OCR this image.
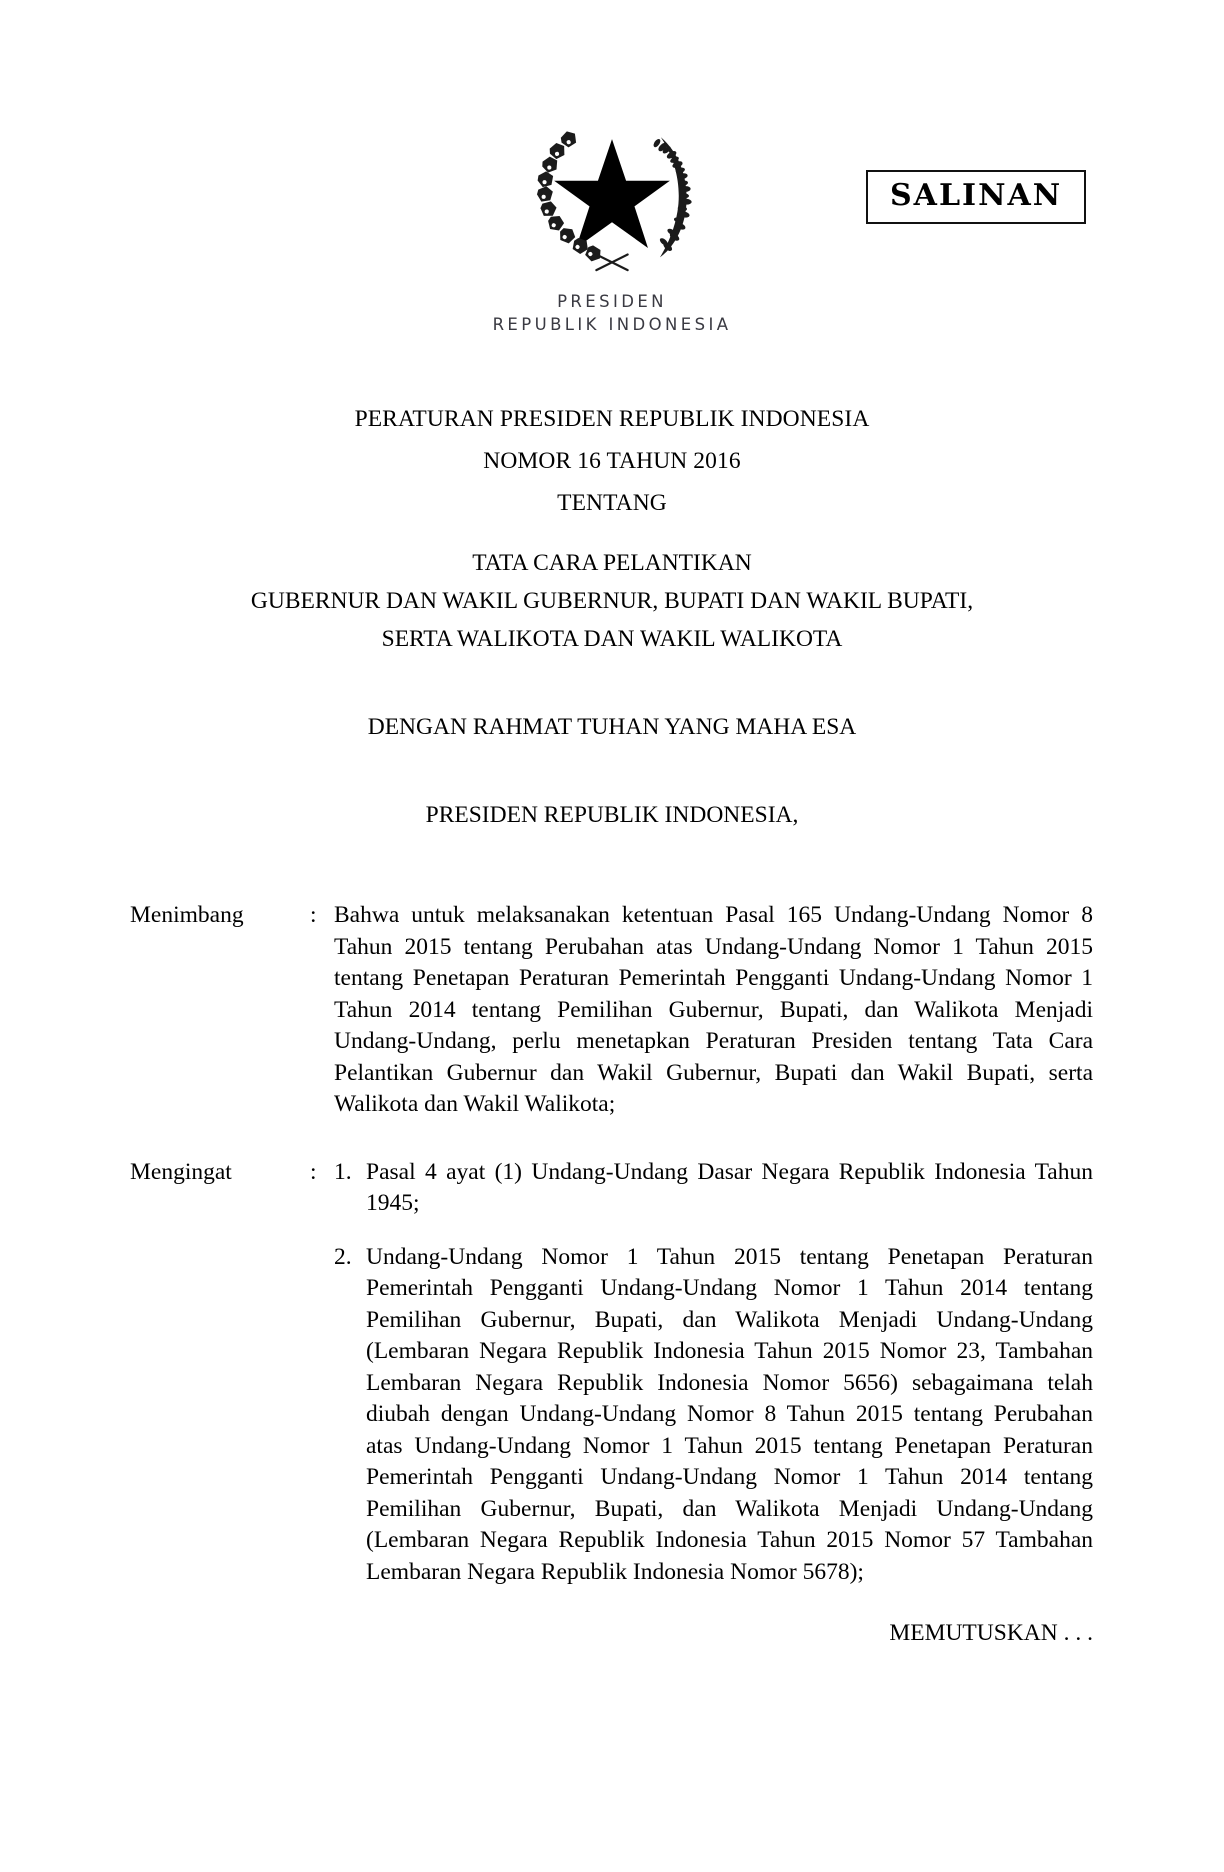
PRESIDEN
REPUBLIK INDONESIA
SALINAN
PERATURAN PRESIDEN REPUBLIK INDONESIA
NOMOR 16 TAHUN 2016
TENTANG
TATA CARA PELANTIKAN
GUBERNUR DAN WAKIL GUBERNUR, BUPATI DAN WAKIL BUPATI,
SERTA WALIKOTA DAN WAKIL WALIKOTA
DENGAN RAHMAT TUHAN YANG MAHA ESA
PRESIDEN REPUBLIK INDONESIA,
Menimbang	: Bahwa untuk melaksanakan ketentuan Pasal 165 Undang-Undang Nomor 8 Tahun 2015 tentang Perubahan atas Undang-Undang Nomor 1 Tahun 2015 tentang Penetapan Peraturan Pemerintah Pengganti Undang-Undang Nomor 1 Tahun 2014 tentang Pemilihan Gubernur, Bupati, dan Walikota Menjadi Undang-Undang, perlu menetapkan Peraturan Presiden tentang Tata Cara Pelantikan Gubernur dan Wakil Gubernur, Bupati dan Wakil Bupati, serta Walikota dan Wakil Walikota;

Mengingat	: 1. Pasal 4 ayat (1) Undang-Undang Dasar Negara Republik Indonesia Tahun 1945;
2. Undang-Undang Nomor 1 Tahun 2015 tentang Penetapan Peraturan Pemerintah Pengganti Undang-Undang Nomor 1 Tahun 2014 tentang Pemilihan Gubernur, Bupati, dan Walikota Menjadi Undang-Undang (Lembaran Negara Republik Indonesia Tahun 2015 Nomor 23, Tambahan Lembaran Negara Republik Indonesia Nomor 5656) sebagaimana telah diubah dengan Undang-Undang Nomor 8 Tahun 2015 tentang Perubahan atas Undang-Undang Nomor 1 Tahun 2015 tentang Penetapan Peraturan Pemerintah Pengganti Undang-Undang Nomor 1 Tahun 2014 tentang Pemilihan Gubernur, Bupati, dan Walikota Menjadi Undang-Undang (Lembaran Negara Republik Indonesia Tahun 2015 Nomor 57 Tambahan Lembaran Negara Republik Indonesia Nomor 5678);
MEMUTUSKAN . . .
